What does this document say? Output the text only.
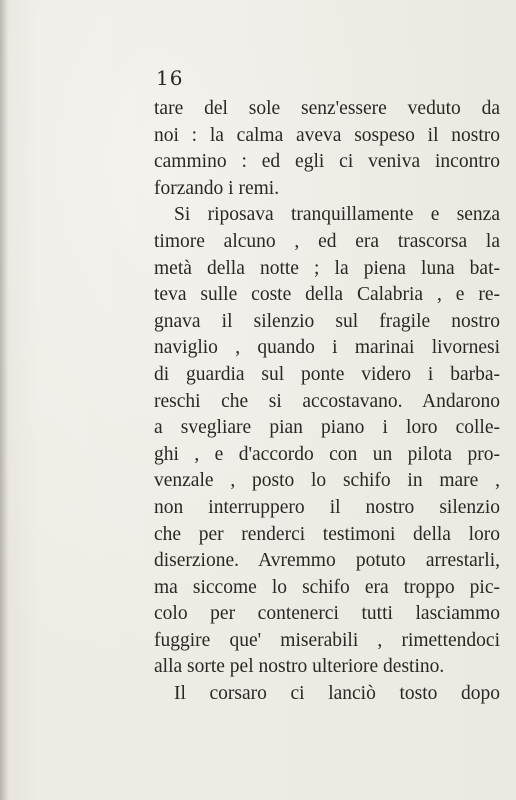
16
tare del sole senz'essere veduto da
noi : la calma aveva sospeso il nostro
cammino : ed egli ci veniva incontro
forzando i remi.
Si riposava tranquillamente e senza
timore alcuno , ed era trascorsa la
metà della notte ; la piena luna bat-
teva sulle coste della Calabria , e re-
gnava il silenzio sul fragile nostro
naviglio , quando i marinai livornesi
di guardia sul ponte videro i barba-
reschi che si accostavano. Andarono
a svegliare pian piano i loro colle-
ghi , e d'accordo con un pilota pro-
venzale , posto lo schifo in mare ,
non interruppero il nostro silenzio
che per renderci testimoni della loro
diserzione. Avremmo potuto arrestarli,
ma siccome lo schifo era troppo pic-
colo per contenerci tutti lasciammo
fuggire que' miserabili , rimettendoci
alla sorte pel nostro ulteriore destino.
Il corsaro ci lanciò tosto dopo
